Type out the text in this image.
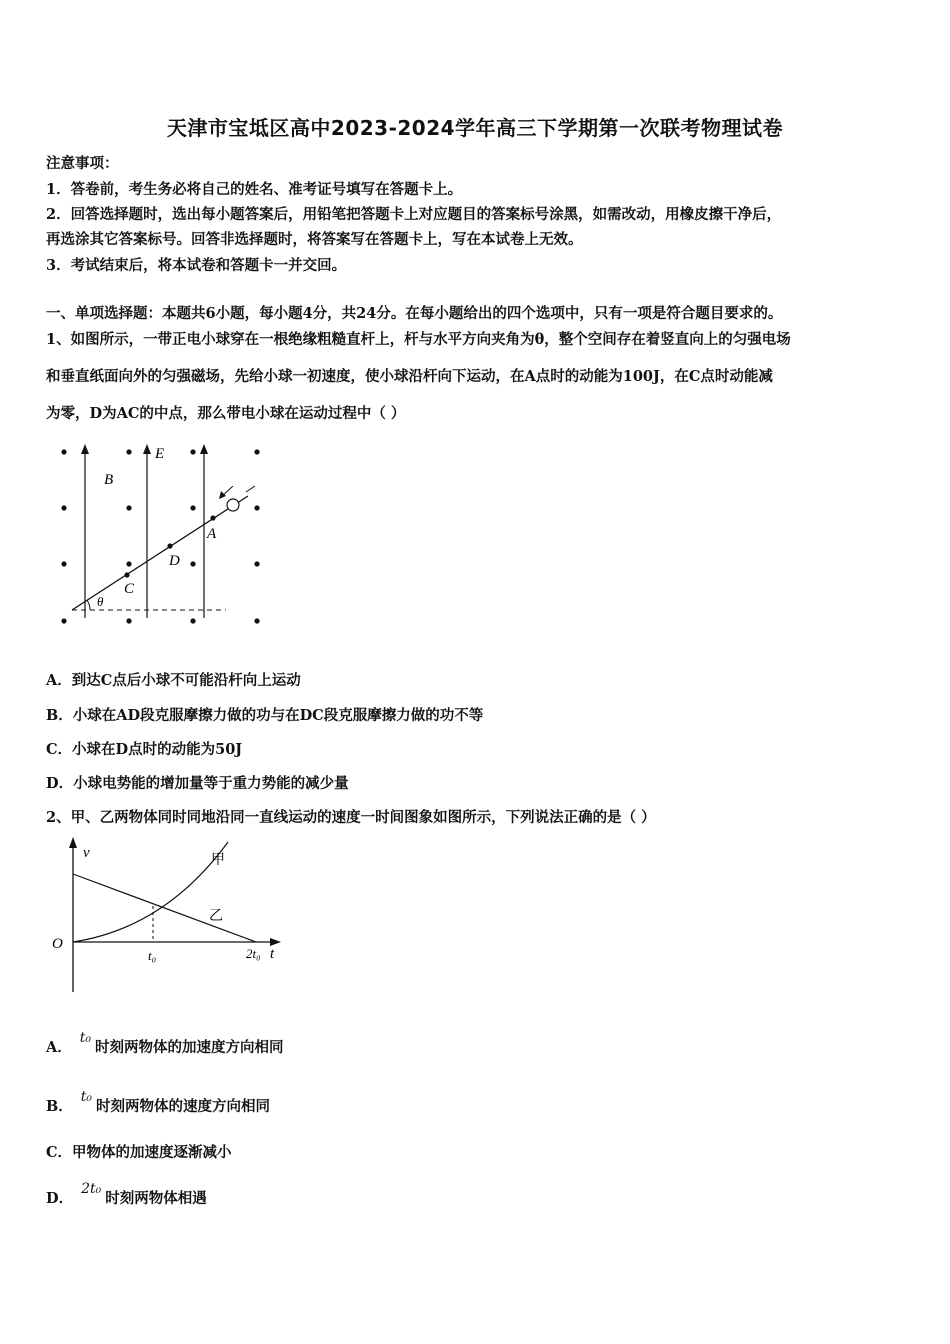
天津市宝坻区高中2023-2024学年高三下学期第一次联考物理试卷
注意事项：
1．答卷前，考生务必将自己的姓名、准考证号填写在答题卡上。
2．回答选择题时，选出每小题答案后，用铅笔把答题卡上对应题目的答案标号涂黑，如需改动，用橡皮擦干净后，
再选涂其它答案标号。回答非选择题时，将答案写在答题卡上，写在本试卷上无效。
3．考试结束后，将本试卷和答题卡一并交回。
一、单项选择题：本题共6小题，每小题4分，共24分。在每小题给出的四个选项中，只有一项是符合题目要求的。
1、如图所示，一带正电小球穿在一根绝缘粗糙直杆上，杆与水平方向夹角为θ，整个空间存在着竖直向上的匀强电场
和垂直纸面向外的匀强磁场，先给小球一初速度，使小球沿杆向下运动，在A点时的动能为100J，在C点时动能减
为零，D为AC的中点，那么带电小球在运动过程中（ ）
B
E
A
D
C
θ
A．到达C点后小球不可能沿杆向上运动
B．小球在AD段克服摩擦力做的功与在DC段克服摩擦力做的功不等
C．小球在D点时的动能为50J
D．小球电势能的增加量等于重力势能的减少量
2、甲、乙两物体同时同地沿同一直线运动的速度一时间图象如图所示，下列说法正确的是（ ）
v	甲
乙
O
t₀	2t₀ t
A．t₀时刻两物体的加速度方向相同
B．t₀时刻两物体的速度方向相同
C．甲物体的加速度逐渐减小
D．2t₀时刻两物体相遇
